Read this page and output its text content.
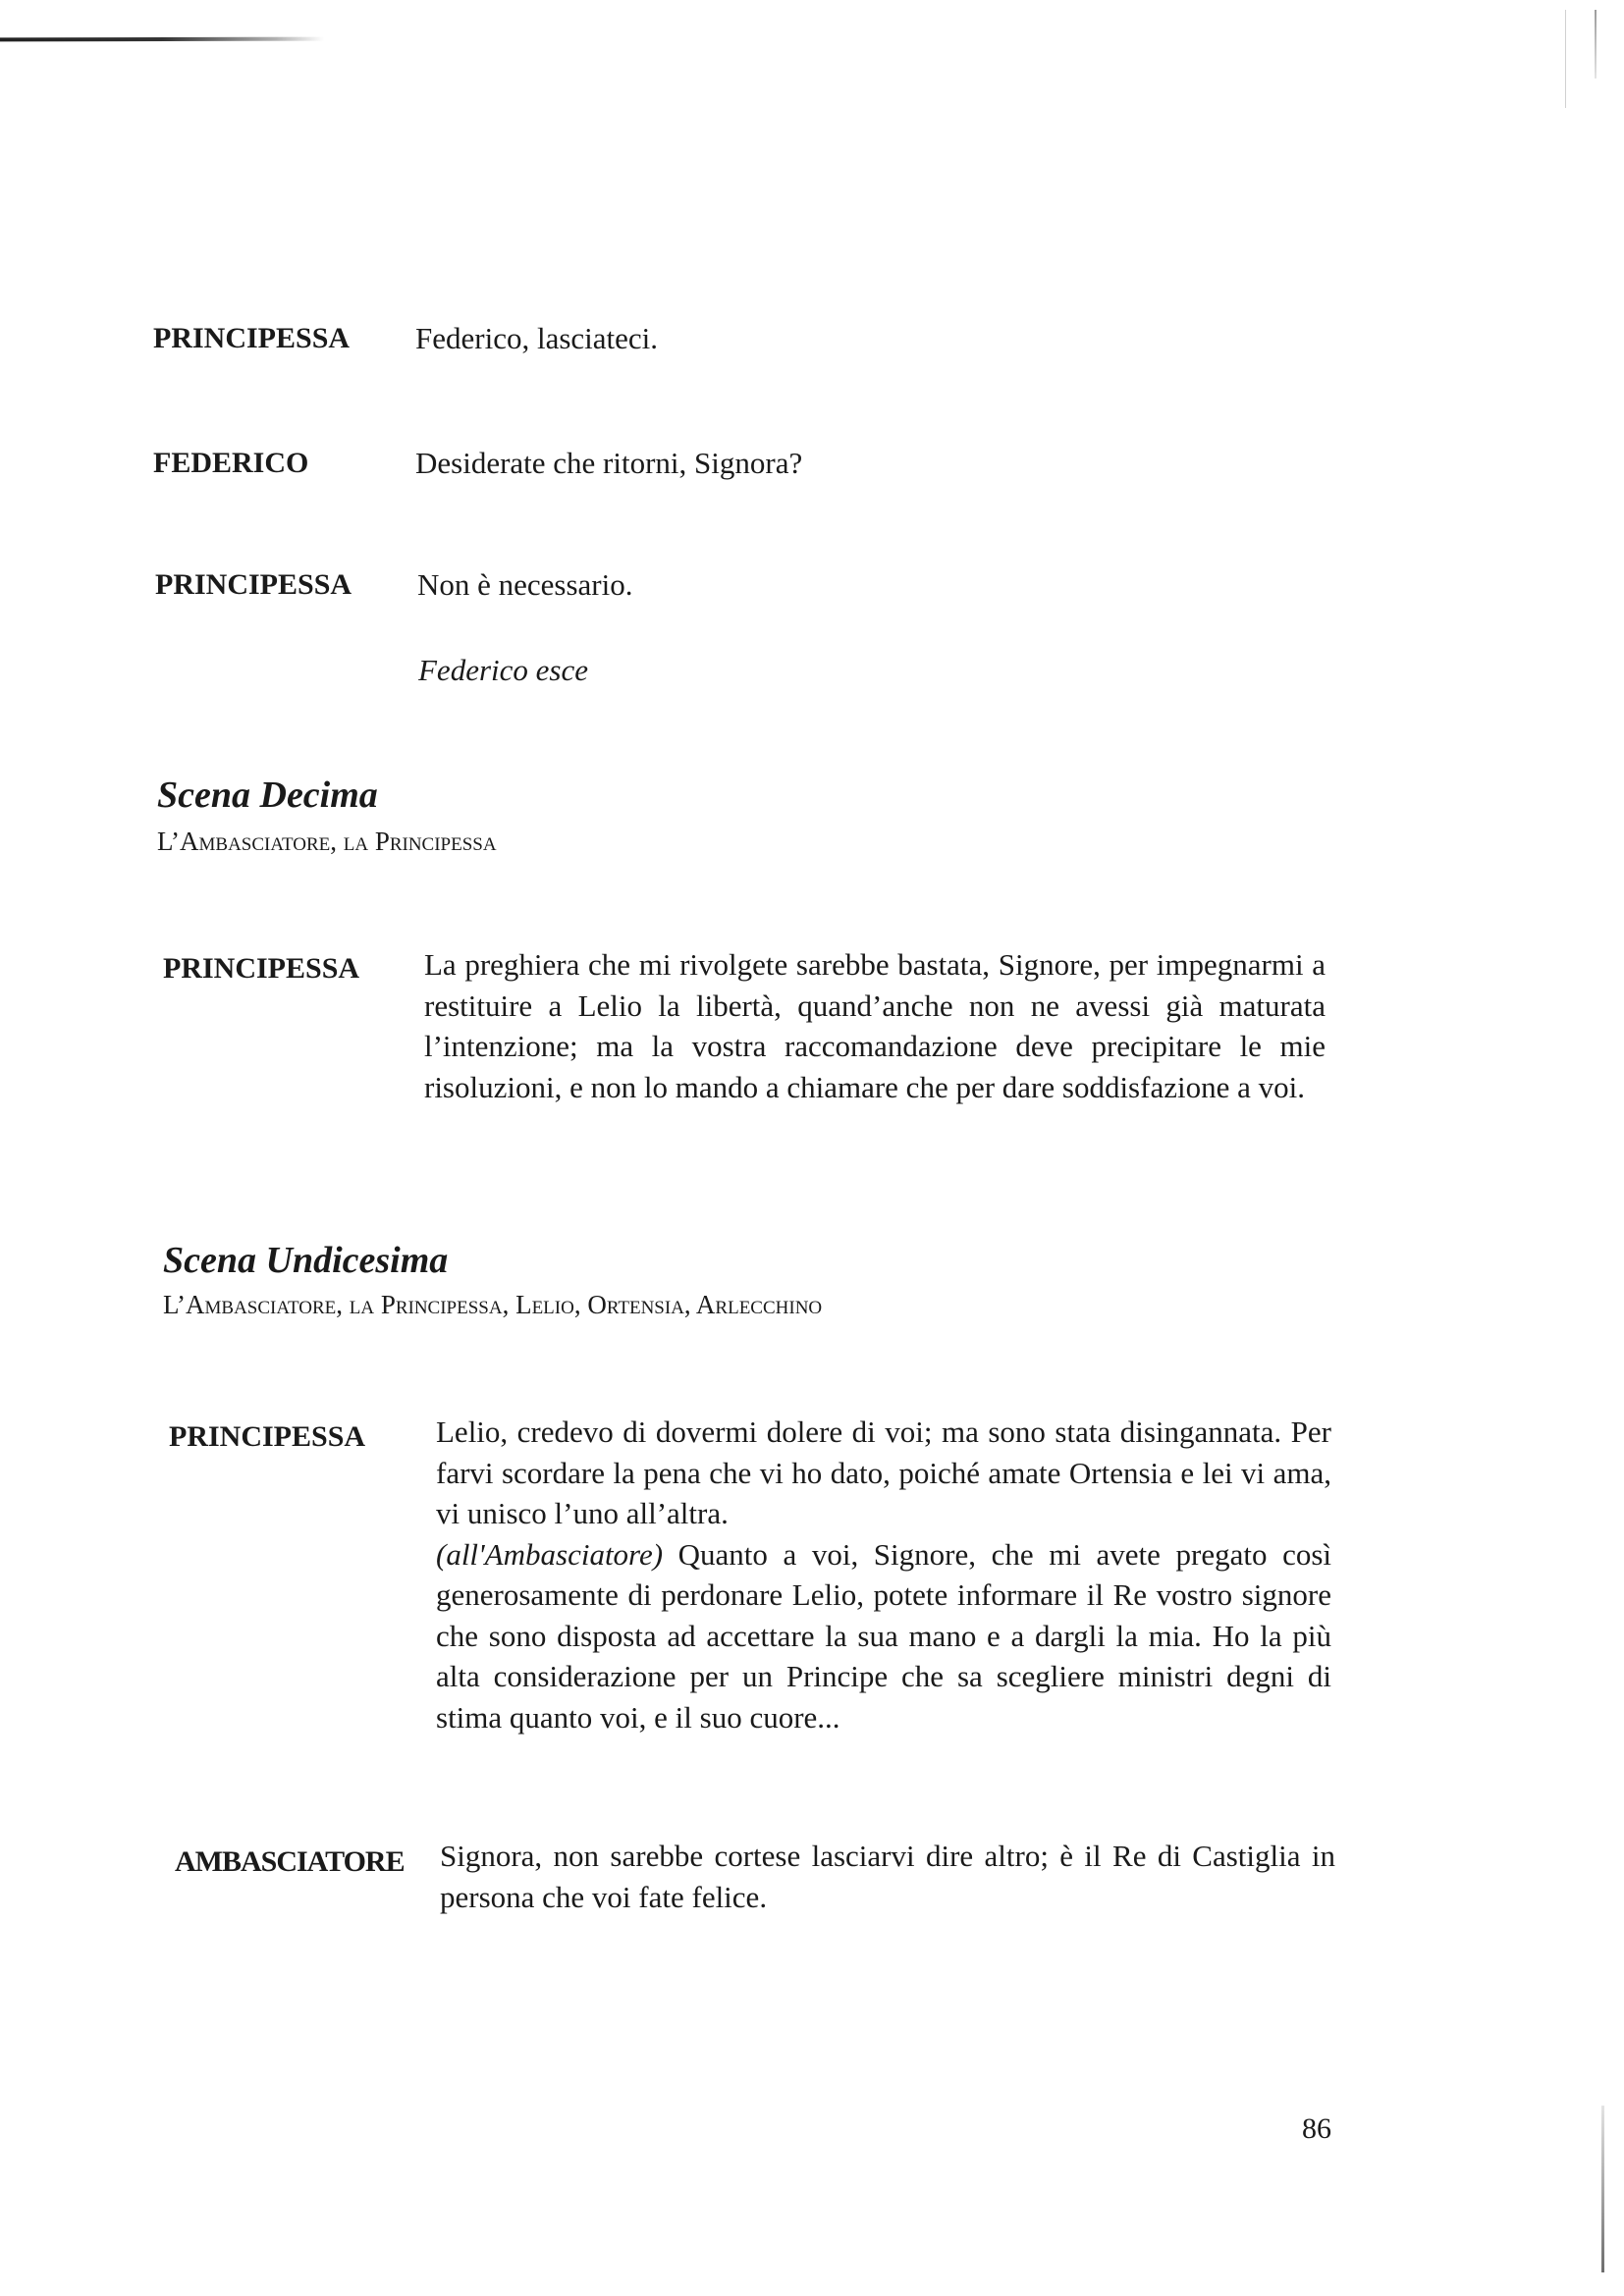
PRINCIPESSA Federico, lasciateci.
FEDERICO	Desiderate che ritorni, Signora?
PRINCIPESSA Non è necessario.
Federico esce
Scena Decima
L’Ambasciatore, la Principessa
PRINCIPESSA La preghiera che mi rivolgete sarebbe bastata, Signore, per impegnarmi a restituire a Lelio la libertà, quand’anche non ne avessi già maturata l’intenzione; ma la vostra raccomandazione deve precipitare le mie risoluzioni, e non lo mando a chiamare che per dare soddisfazione a voi.
Scena Undicesima
L’Ambasciatore, la Principessa, Lelio, Ortensia, Arlecchino
PRINCIPESSA Lelio, credevo di dovermi dolere di voi; ma sono stata disingannata. Per farvi scordare la pena che vi ho dato, poiché amate Ortensia e lei vi ama, vi unisco l’uno all’altra.
(all'Ambasciatore) Quanto a voi, Signore, che mi avete pregato così generosamente di perdonare Lelio, potete informare il Re vostro signore che sono disposta ad accettare la sua mano e a dargli la mia. Ho la più alta considerazione per un Principe che sa scegliere ministri degni di stima quanto voi, e il suo cuore...
AMBASCIATORE Signora, non sarebbe cortese lasciarvi dire altro; è il Re di Castiglia in persona che voi fate felice.
86
